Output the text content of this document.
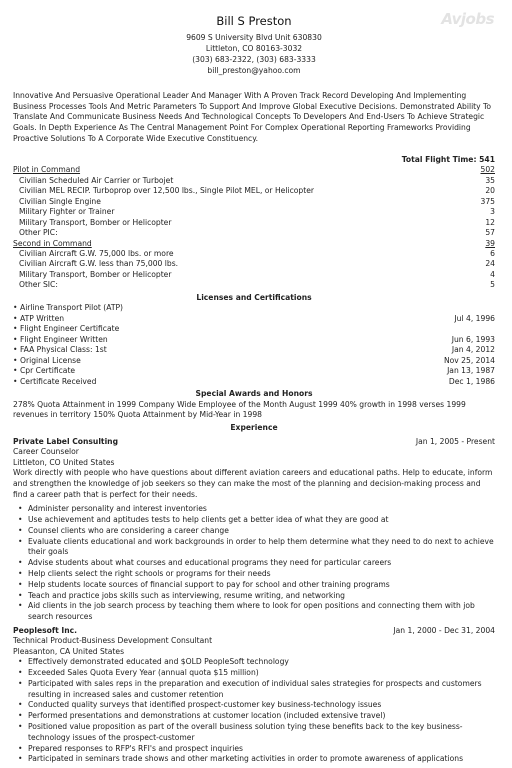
Avjobs
Bill S Preston
9609 S University Blvd Unit 630830
Littleton, CO 80163-3032
(303) 683-2322, (303) 683-3333
bill_preston@yahoo.com
Innovative And Persuasive Operational Leader And Manager With A Proven Track Record Developing And Implementing Business Processes Tools And Metric Parameters To Support And Improve Global Executive Decisions. Demonstrated Ability To Translate And Communicate Business Needs And Technological Concepts To Developers And End-Users To Achieve Strategic Goals. In Depth Experience As The Central Management Point For Complex Operational Reporting Frameworks Providing Proactive Solutions To A Corporate Wide Executive Constituency.
Total Flight Time: 541
Pilot in Command	502
Civilian Scheduled Air Carrier or Turbojet	35
Civilian MEL RECIP. Turboprop over 12,500 lbs., Single Pilot MEL, or Helicopter	20
Civilian Single Engine	375
Military Fighter or Trainer	3
Military Transport, Bomber or Helicopter	12
Other PIC:	57
Second in Command	39
Civilian Aircraft G.W. 75,000 lbs. or more	6
Civilian Aircraft G.W. less than 75,000 lbs.	24
Military Transport, Bomber or Helicopter	4
Other SIC:	5
Licenses and Certifications
• Airline Transport Pilot (ATP)
• ATP Written	Jul 4, 1996
• Flight Engineer Certificate
• Flight Engineer Written	Jun 6, 1993
• FAA Physical Class: 1st	Jan 4, 2012
• Original License	Nov 25, 2014
• Cpr Certificate	Jan 13, 1987
• Certificate Received	Dec 1, 1986
Special Awards and Honors
278% Quota Attainment in 1999 Company Wide Employee of the Month August 1999 40% growth in 1998 verses 1999 revenues in territory 150% Quota Attainment by Mid-Year in 1998
Experience
Private Label Consulting	Jan 1, 2005 - Present
Career Counselor
Littleton, CO United States
Work directly with people who have questions about different aviation careers and educational paths. Help to educate, inform and strengthen the knowledge of job seekers so they can make the most of the planning and decision-making process and find a career path that is perfect for their needs.
• Administer personality and interest inventories
• Use achievement and aptitudes tests to help clients get a better idea of what they are good at
• Counsel clients who are considering a career change
• Evaluate clients educational and work backgrounds in order to help them determine what they need to do next to achieve their goals
• Advise students about what courses and educational programs they need for particular careers
• Help clients select the right schools or programs for their needs
• Help students locate sources of financial support to pay for school and other training programs
• Teach and practice jobs skills such as interviewing, resume writing, and networking
• Aid clients in the job search process by teaching them where to look for open positions and connecting them with job search resources
Peoplesoft Inc.	Jan 1, 2000 - Dec 31, 2004
Technical Product-Business Development Consultant
Pleasanton, CA United States
• Effectively demonstrated educated and $OLD PeopleSoft technology
• Exceeded Sales Quota Every Year (annual quota $15 million)
• Participated with sales reps in the preparation and execution of individual sales strategies for prospects and customers resulting in increased sales and customer retention
• Conducted quality surveys that identified prospect-customer key business-technology issues
• Performed presentations and demonstrations at customer location (included extensive travel)
• Positioned value proposition as part of the overall business solution tying these benefits back to the key business-technology issues of the prospect-customer
• Prepared responses to RFP's RFI's and prospect inquiries
• Participated in seminars trade shows and other marketing activities in order to promote awareness of applications
